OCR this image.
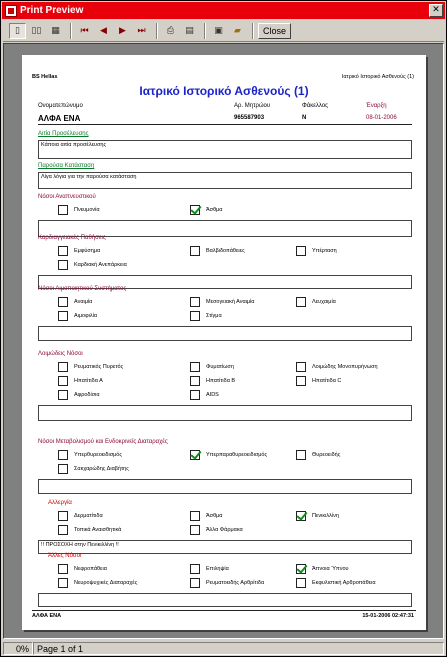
Print Preview	✕
▯	▯▯	▦	⏮	◀	▶	⏭	⎙	▤	▣	▰	Close
BS Hellas	Ιατρικό Ιστορικό Ασθενούς (1)
Ιατρικό Ιστορικό Ασθενούς (1)
Ονοματεπώνυμο	Αρ. Μητρώου	Φάκελλος	Έναρξη
ΑΛΦΑ ΕΝΑ	965587903	Ν	08-01-2006
Αιτία Προσέλευσης
Κάποια αιτία προσέλευσης
Παρούσα Κατάσταση
Λίγα λόγια για την παρούσα κατάσταση
Νόσοι Αναπνευστικού
Πνευμονία	Άσθμα
Καρδιαγγειακές Παθήσεις
Εμφύσημα	Βαλβιδοπάθειες	Υπέρταση
Καρδιακή Ανεπάρκεια
Νόσοι Αιμοποιητικού Συστήματος
Αναιμία	Μεσογειακή Αναιμία	Λευχαιμία
Αιμοφιλία	Στίγμα
Λοιμώδεις Νόσοι
Ρευματικός Πυρετός	Φυματίωση	Λοιμώδης Μονοπυρήνωση
Ηπατίτιδα Α	Ηπατίτιδα Β	Ηπατίτιδα C
Αφροδίσια	AIDS
Νόσοι Μεταβολισμού και Ενδοκρινείς Διαταραχές
Υπερθυρεοειδισμός	Υπερπαραθυρεοειδισμός	Θυρεοειδής
Σακχαρώδης Διαβήτης
Αλλεργία
Δερματίτιδα	Άσθμα	Πενικιλλίνη
Τοπικά Αναισθητικά	Άλλα Φάρμακα
!! ΠΡΟΣΟΧΗ στην Πενικιλλίνη !!
Άλλες Νόσοι
Νεφροπάθεια	Επιληψία	Άπνοια Ύπνου
Νευροψυχικές Διαταραχές	Ρευματοειδής Αρθρίτιδα	Εκφυλιστική Αρθροπάθεια
ΑΛΦΑ ΕΝΑ	15-01-2006 02:47:31
0% Page 1 of 1
